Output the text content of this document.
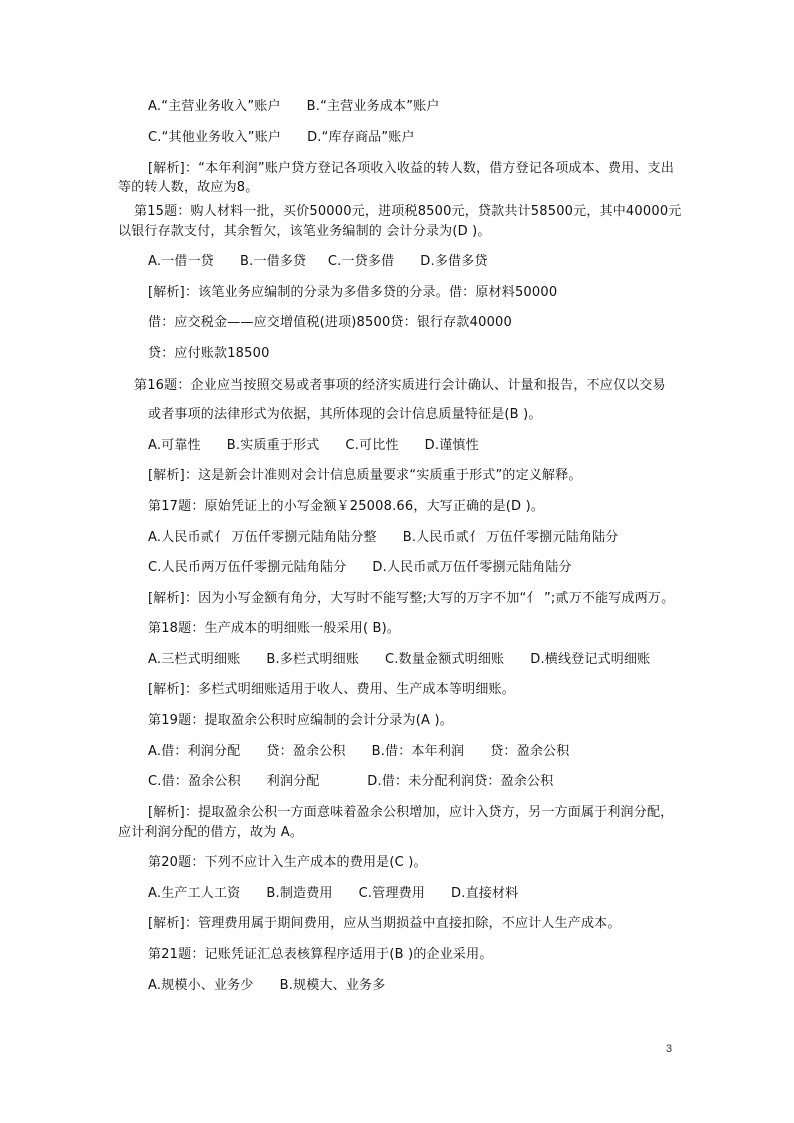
A.“主营业务收入”账户      B.“主营业务成本”账户
C.“其他业务收入”账户      D.“库存商品”账户
[解析]：“本年利润”账户贷方登记各项收入收益的转人数，借方登记各项成本、费用、支出
等的转人数，故应为8。
第15题：购人材料一批，买价50000元，进项税8500元，贷款共计58500元，其中40000元
以银行存款支付，其余暂欠，该笔业务编制的 会计分录为(D )。
A.一借一贷      B.一借多贷     C.一贷多借      D.多借多贷
[解析]：该笔业务应编制的分录为多借多贷的分录。借：原材料50000
借：应交税金——应交增值税(进项)8500贷：银行存款40000
贷：应付账款18500
第16题：企业应当按照交易或者事项的经济实质进行会计确认、计量和报告，不应仅以交易
或者事项的法律形式为依据，其所体现的会计信息质量特征是(B )。
A.可靠性      B.实质重于形式      C.可比性      D.谨慎性
[解析]：这是新会计准则对会计信息质量要求“实质重于形式”的定义解释。
第17题：原始凭证上的小写金额￥25008.66，大写正确的是(D )。
A.人民币贰亻 万伍仟零捌元陆角陆分整      B.人民币贰亻 万伍仟零捌元陆角陆分
C.人民币两万伍仟零捌元陆角陆分      D.人民币贰万伍仟零捌元陆角陆分
[解析]：因为小写金额有角分，大写时不能写整;大写的万字不加“亻 ”;贰万不能写成两万。
第18题：生产成本的明细账一般采用( B)。
A.三栏式明细账      B.多栏式明细账      C.数量金额式明细账      D.横线登记式明细账
[解析]：多栏式明细账适用于收人、费用、生产成本等明细账。
第19题：提取盈余公积时应编制的会计分录为(A )。
A.借：利润分配      贷：盈余公积      B.借：本年利润      贷：盈余公积
C.借：盈余公积      利润分配           D.借：未分配利润贷：盈余公积
[解析]：提取盈余公积一方面意味着盈余公积增加，应计入贷方，另一方面属于利润分配，
应计利润分配的借方，故为 A。
第20题：下列不应计入生产成本的费用是(C )。
A.生产工人工资      B.制造费用      C.管理费用      D.直接材料
[解析]：管理费用属于期间费用，应从当期损益中直接扣除，不应计人生产成本。
第21题：记账凭证汇总表核算程序适用于(B )的企业采用。
A.规模小、业务少      B.规模大、业务多
3
